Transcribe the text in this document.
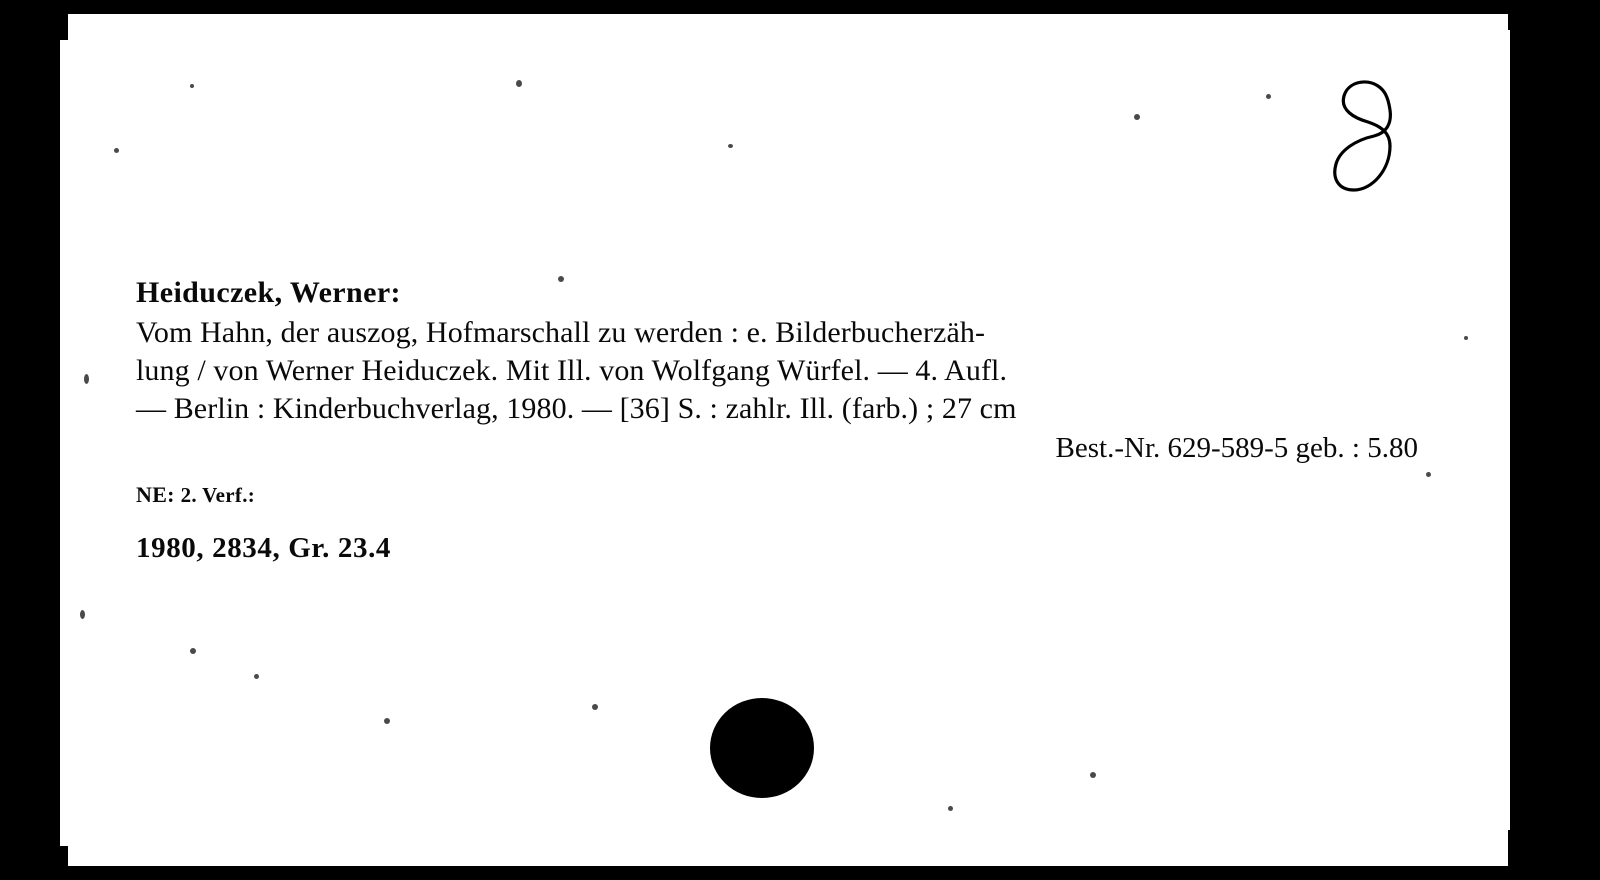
Heiduczek, Werner:

Vom Hahn, der auszog, Hofmarschall zu werden : e. Bilderbucherzäh-

lung / von Werner Heiduczek. Mit Ill. von Wolfgang Würfel. — 4. Aufl.

— Berlin : Kinderbuchverlag, 1980. — [36] S. : zahlr. Ill. (farb.) ; 27 cm

Best.-Nr. 629-589-5 geb. : 5.80

NE: 2. Verf.:

1980, 2834, Gr. 23.4
